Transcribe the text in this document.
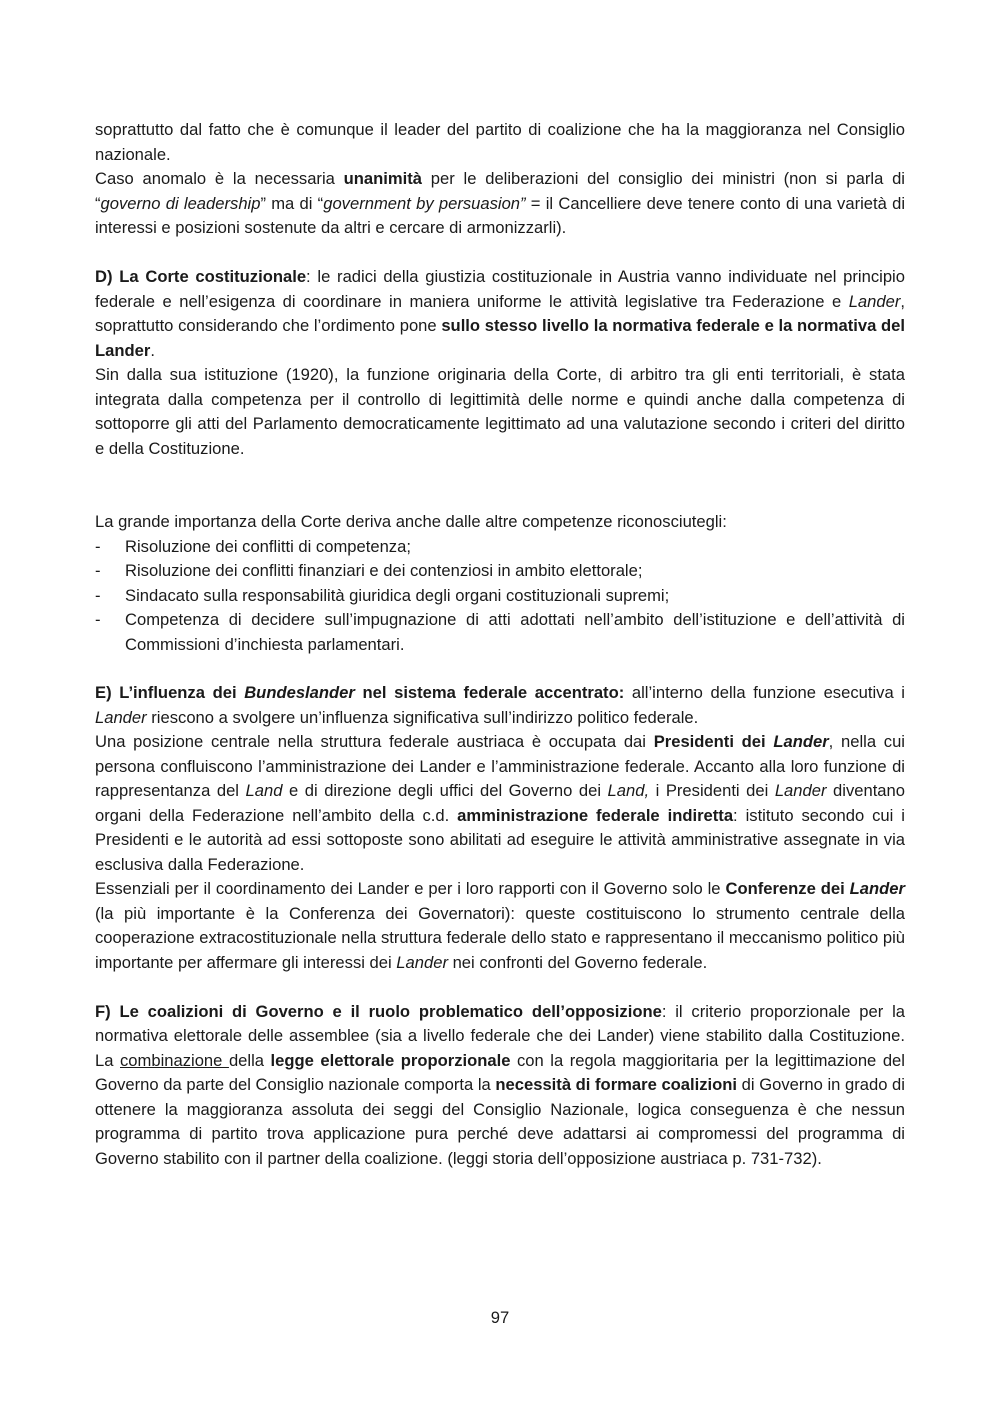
soprattutto dal fatto che è comunque il leader del partito di coalizione che ha la maggioranza nel Consiglio nazionale.

Caso anomalo è la necessaria unanimità per le deliberazioni del consiglio dei ministri (non si parla di “governo di leadership” ma di “government by persuasion” = il Cancelliere deve tenere conto di una varietà di interessi e posizioni sostenute da altri e cercare di armonizzarli).

D) La Corte costituzionale: le radici della giustizia costituzionale in Austria vanno individuate nel principio federale e nell’esigenza di coordinare in maniera uniforme le attività legislative tra Federazione e Lander, soprattutto considerando che l’ordimento pone sullo stesso livello la normativa federale e la normativa del Lander.

Sin dalla sua istituzione (1920), la funzione originaria della Corte, di arbitro tra gli enti territoriali, è stata integrata dalla competenza per il controllo di legittimità delle norme e quindi anche dalla competenza di sottoporre gli atti del Parlamento democraticamente legittimato ad una valutazione secondo i criteri del diritto e della Costituzione.

La grande importanza della Corte deriva anche dalle altre competenze riconosciutegli:

- Risoluzione dei conflitti di competenza;
- Risoluzione dei conflitti finanziari e dei contenziosi in ambito elettorale;
- Sindacato sulla responsabilità giuridica degli organi costituzionali supremi;
- Competenza di decidere sull’impugnazione di atti adottati nell’ambito dell’istituzione e dell’attività di Commissioni d’inchiesta parlamentari.

E) L’influenza dei Bundeslander nel sistema federale accentrato: all’interno della funzione esecutiva i Lander riescono a svolgere un’influenza significativa sull’indirizzo politico federale.

Una posizione centrale nella struttura federale austriaca è occupata dai Presidenti dei Lander, nella cui persona confluiscono l’amministrazione dei Lander e l’amministrazione federale. Accanto alla loro funzione di rappresentanza del Land e di direzione degli uffici del Governo dei Land, i Presidenti dei Lander diventano organi della Federazione nell’ambito della c.d. amministrazione federale indiretta: istituto secondo cui i Presidenti e le autorità ad essi sottoposte sono abilitati ad eseguire le attività amministrative assegnate in via esclusiva dalla Federazione.

Essenziali per il coordinamento dei Lander e per i loro rapporti con il Governo solo le Conferenze dei Lander (la più importante è la Conferenza dei Governatori): queste costituiscono lo strumento centrale della cooperazione extracostituzionale nella struttura federale dello stato e rappresentano il meccanismo politico più importante per affermare gli interessi dei Lander nei confronti del Governo federale.

F) Le coalizioni di Governo e il ruolo problematico dell’opposizione: il criterio proporzionale per la normativa elettorale delle assemblee (sia a livello federale che dei Lander) viene stabilito dalla Costituzione. La combinazione della legge elettorale proporzionale con la regola maggioritaria per la legittimazione del Governo da parte del Consiglio nazionale comporta la necessità di formare coalizioni di Governo in grado di ottenere la maggioranza assoluta dei seggi del Consiglio Nazionale, logica conseguenza è che nessun programma di partito trova applicazione pura perché deve adattarsi ai compromessi del programma di Governo stabilito con il partner della coalizione. (leggi storia dell’opposizione austriaca p. 731-732).

97
